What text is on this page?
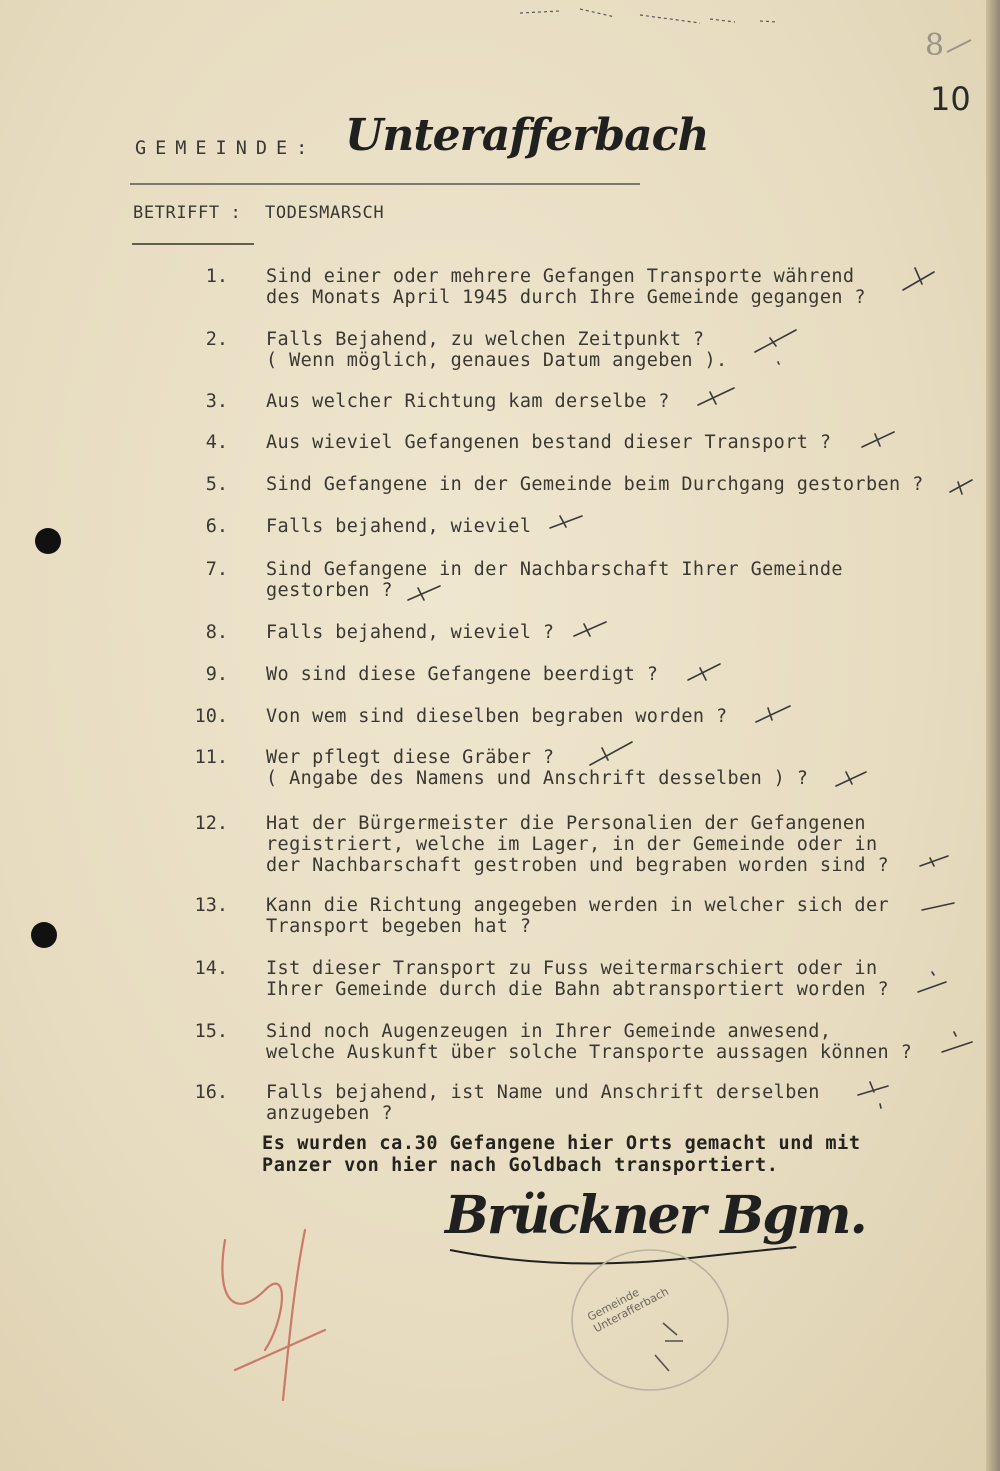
8
10
GEMEINDE: Unterafferbach
BETRIFFT : TODESMARSCH
1. Sind einer oder mehrere Gefangen Transporte während
des Monats April 1945 durch Ihre Gemeinde gegangen ?
2. Falls Bejahend, zu welchen Zeitpunkt ?
( Wenn möglich, genaues Datum angeben ).
3. Aus welcher Richtung kam derselbe ?
4. Aus wieviel Gefangenen bestand dieser Transport ?
5. Sind Gefangene in der Gemeinde beim Durchgang gestorben ?
6. Falls bejahend, wieviel
7. Sind Gefangene in der Nachbarschaft Ihrer Gemeinde
gestorben ?
8. Falls bejahend, wieviel ?
9. Wo sind diese Gefangene beerdigt ?
10. Von wem sind dieselben begraben worden ?
11. Wer pflegt diese Gräber ?
( Angabe des Namens und Anschrift desselben ) ?
12. Hat der Bürgermeister die Personalien der Gefangenen
registriert, welche im Lager, in der Gemeinde oder in
der Nachbarschaft gestroben und begraben worden sind ?
13. Kann die Richtung angegeben werden in welcher sich der
Transport begeben hat ?
14. Ist dieser Transport zu Fuss weitermarschiert oder in
Ihrer Gemeinde durch die Bahn abtransportiert worden ?
15. Sind noch Augenzeugen in Ihrer Gemeinde anwesend,
welche Auskunft über solche Transporte aussagen können ?
16. Falls bejahend, ist Name und Anschrift derselben
anzugeben ?
Es wurden ca.30 Gefangene hier Orts gemacht und mit
Panzer von hier nach Goldbach transportiert.
Brückner Bgm.
Gemeinde Unterafferbach
